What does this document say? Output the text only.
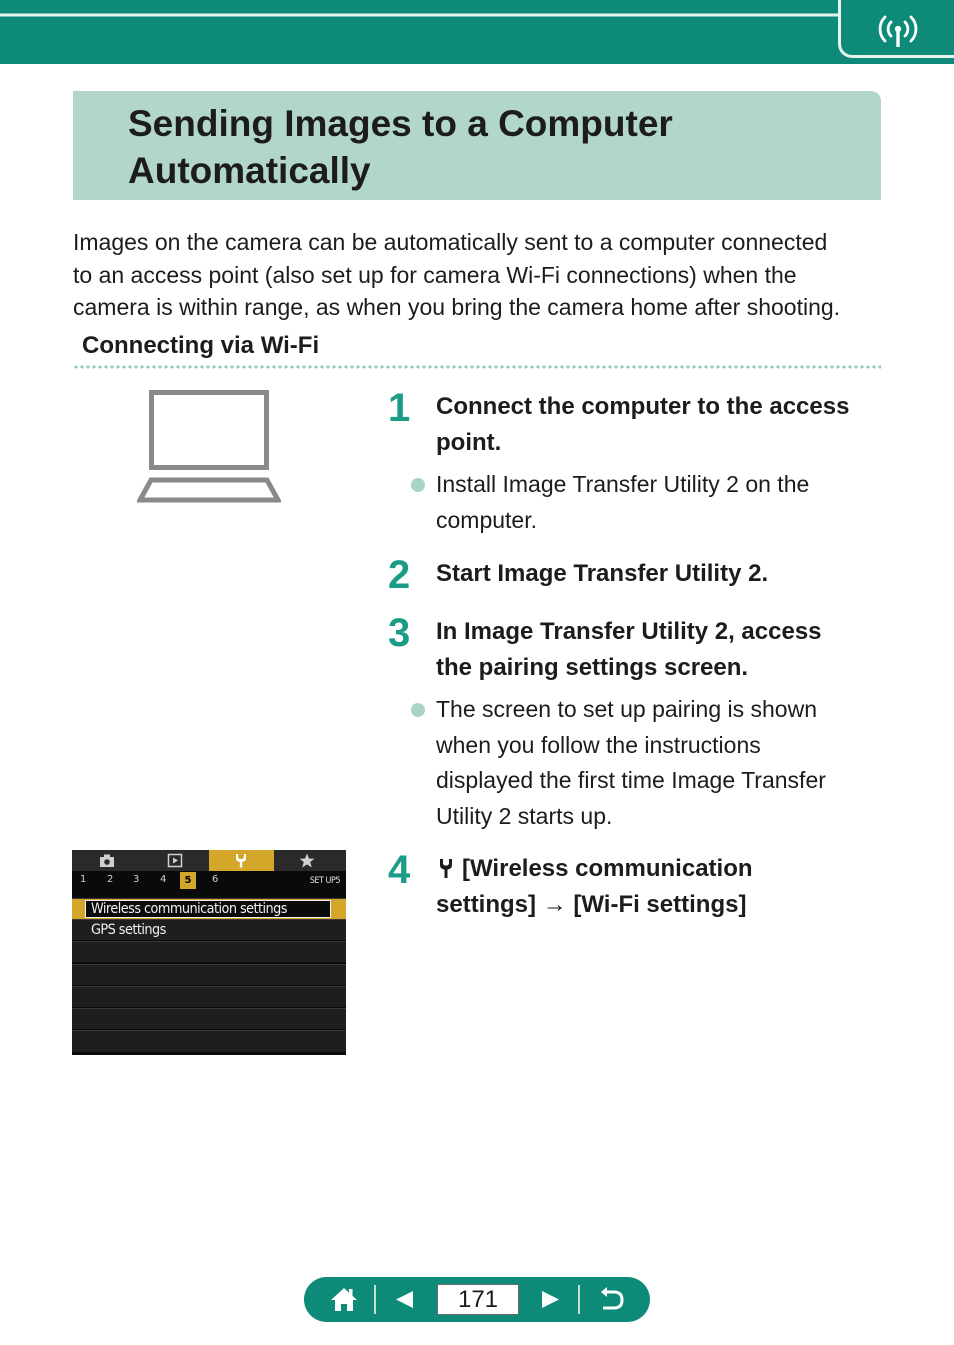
Sending Images to a Computer
Automatically
Images on the camera can be automatically sent to a computer connected
to an access point (also set up for camera Wi-Fi connections) when the
camera is within range, as when you bring the camera home after shooting.
Connecting via Wi-Fi
1 Connect the computer to the access
point.
Install Image Transfer Utility 2 on the
computer.
2 Start Image Transfer Utility 2.
3 In Image Transfer Utility 2, access
the pairing settings screen.
The screen to set up pairing is shown
when you follow the instructions
displayed the first time Image Transfer
Utility 2 starts up.
4	[Wireless communication
settings] → [Wi-Fi settings]
1 2 3 4	5	6	SET UP5
Wireless communication settings
GPS settings
171
